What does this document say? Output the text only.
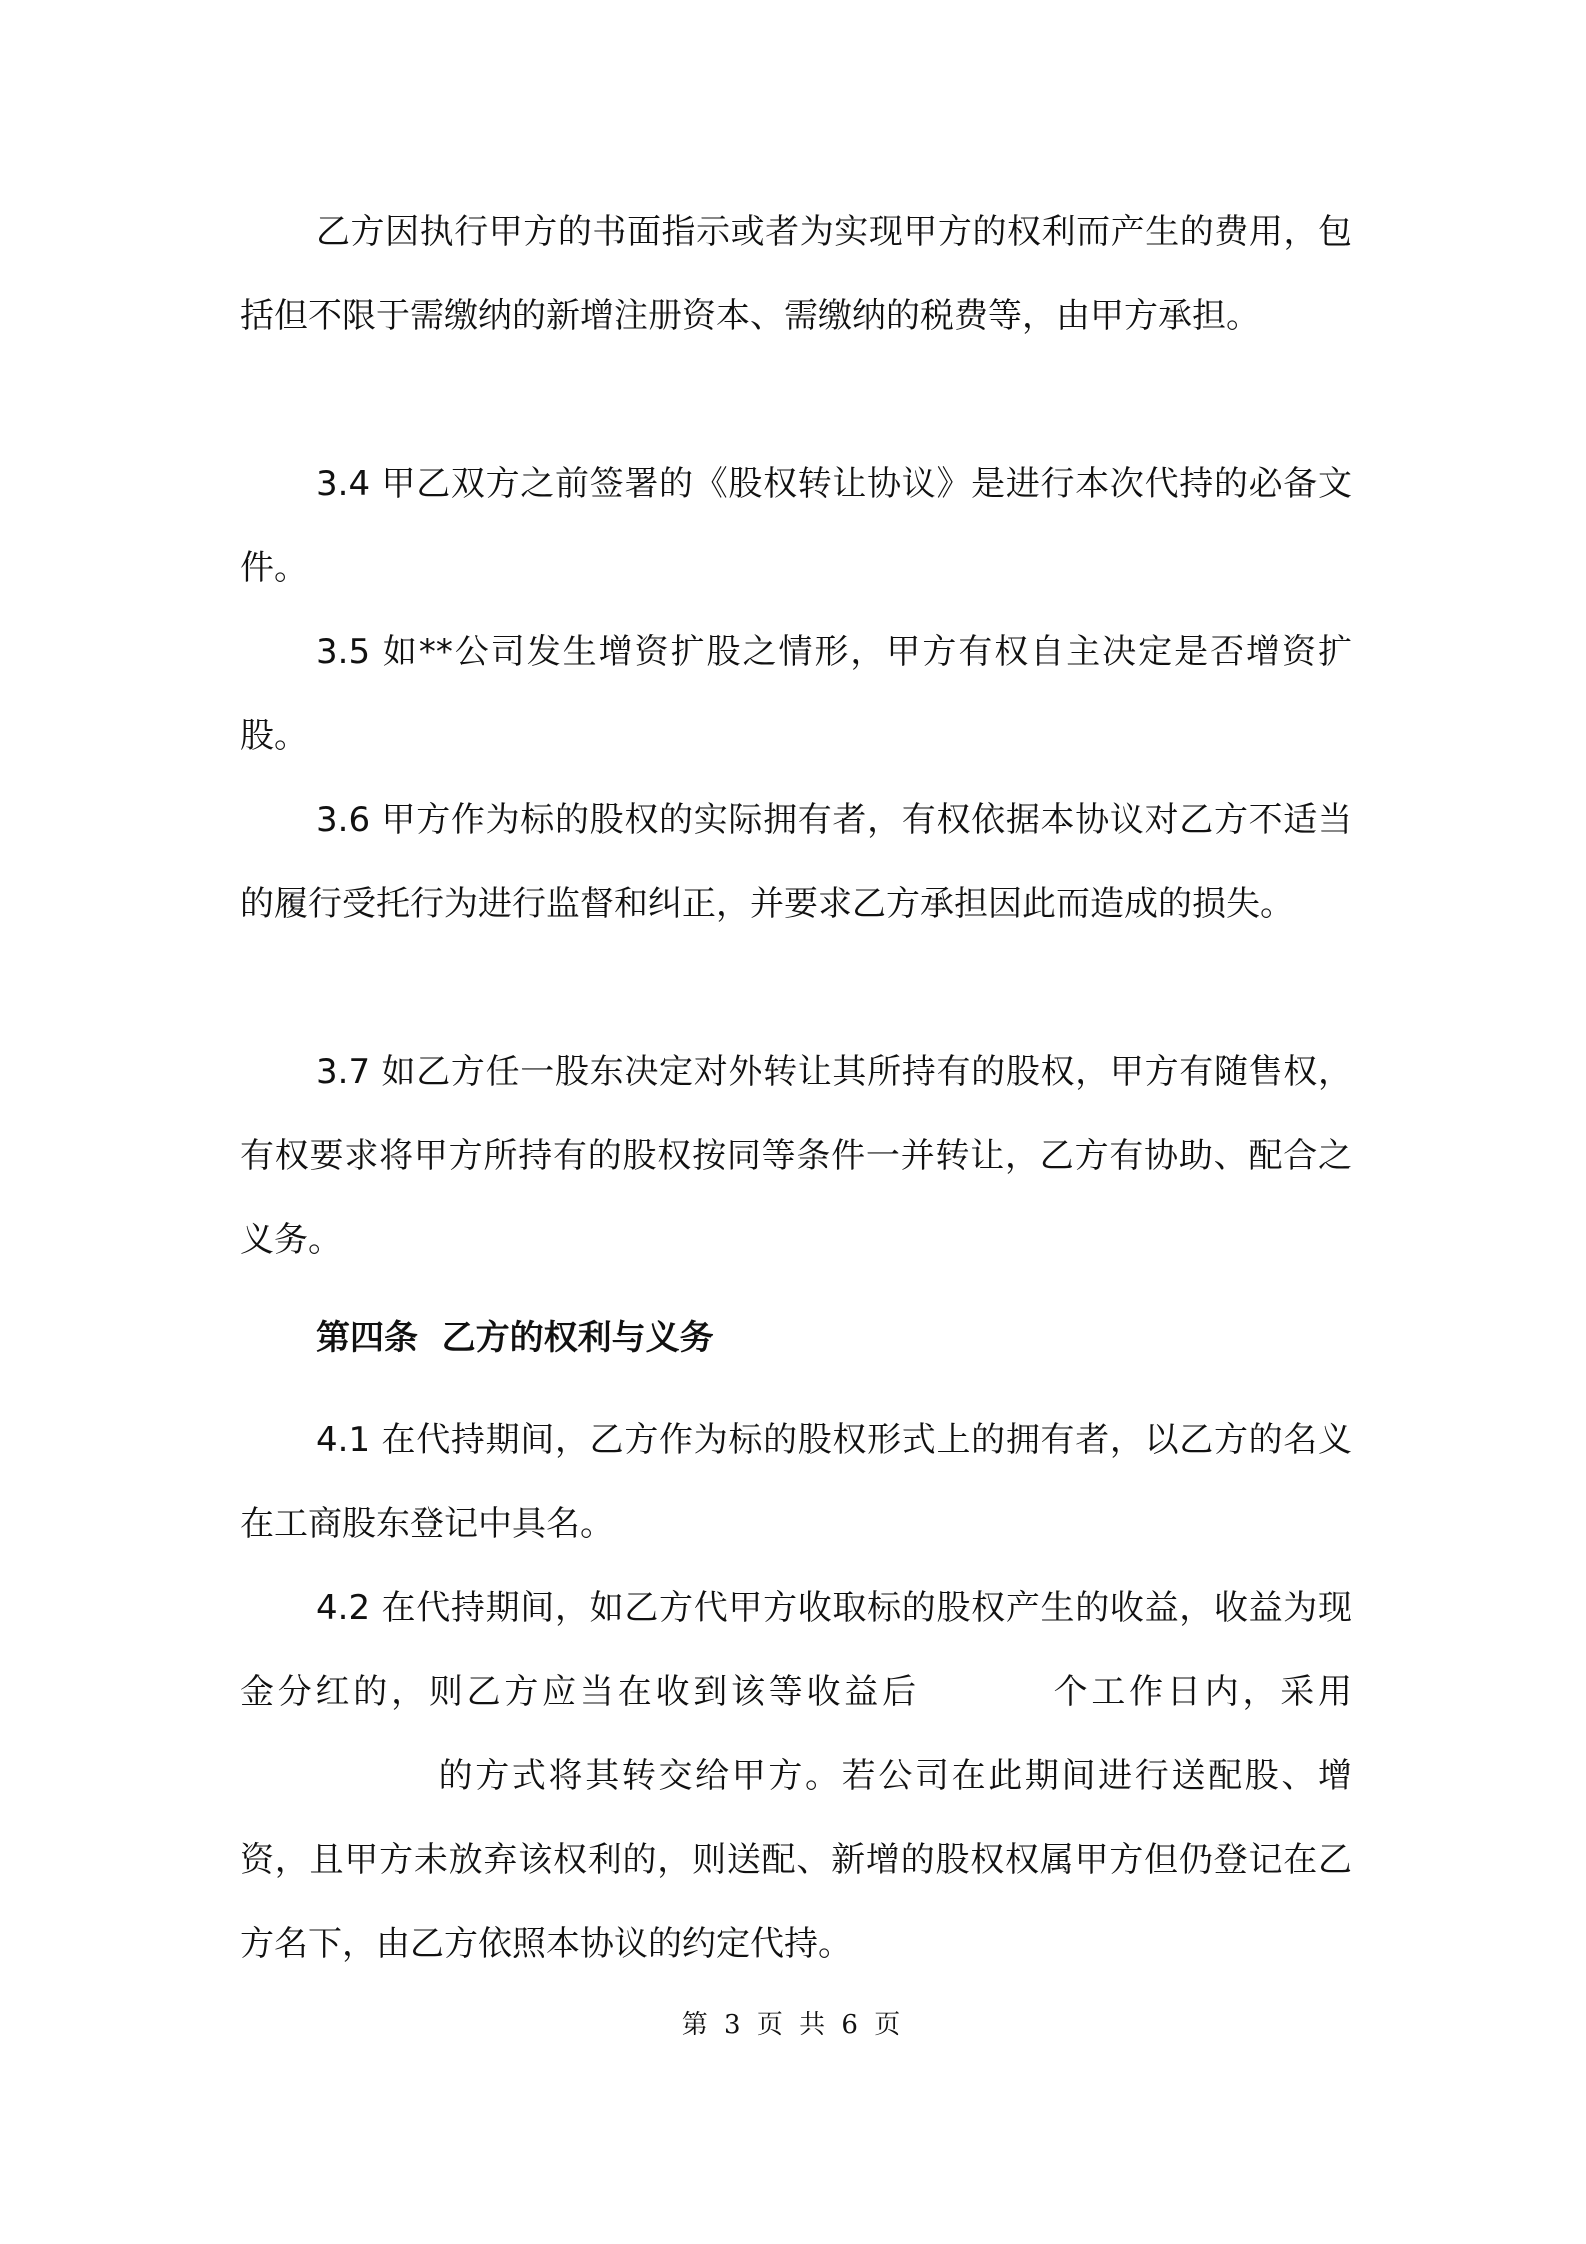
乙方因执行甲方的书面指示或者为实现甲方的权利而产生的费用，包括但不限于需缴纳的新增注册资本、需缴纳的税费等，由甲方承担。

3.4 甲乙双方之前签署的《股权转让协议》是进行本次代持的必备文件。

3.5 如**公司发生增资扩股之情形，甲方有权自主决定是否增资扩股。

3.6 甲方作为标的股权的实际拥有者，有权依据本协议对乙方不适当的履行受托行为进行监督和纠正，并要求乙方承担因此而造成的损失。

3.7 如乙方任一股东决定对外转让其所持有的股权，甲方有随售权，有权要求将甲方所持有的股权按同等条件一并转让，乙方有协助、配合之义务。

第四条  乙方的权利与义务

4.1 在代持期间，乙方作为标的股权形式上的拥有者，以乙方的名义在工商股东登记中具名。

4.2 在代持期间，如乙方代甲方收取标的股权产生的收益，收益为现金分红的，则乙方应当在收到该等收益后	个工作日内，采用的方式将其转交给甲方。若公司在此期间进行送配股、增资，且甲方未放弃该权利的，则送配、新增的股权权属甲方但仍登记在乙方名下，由乙方依照本协议的约定代持。

第 3 页 共 6 页
